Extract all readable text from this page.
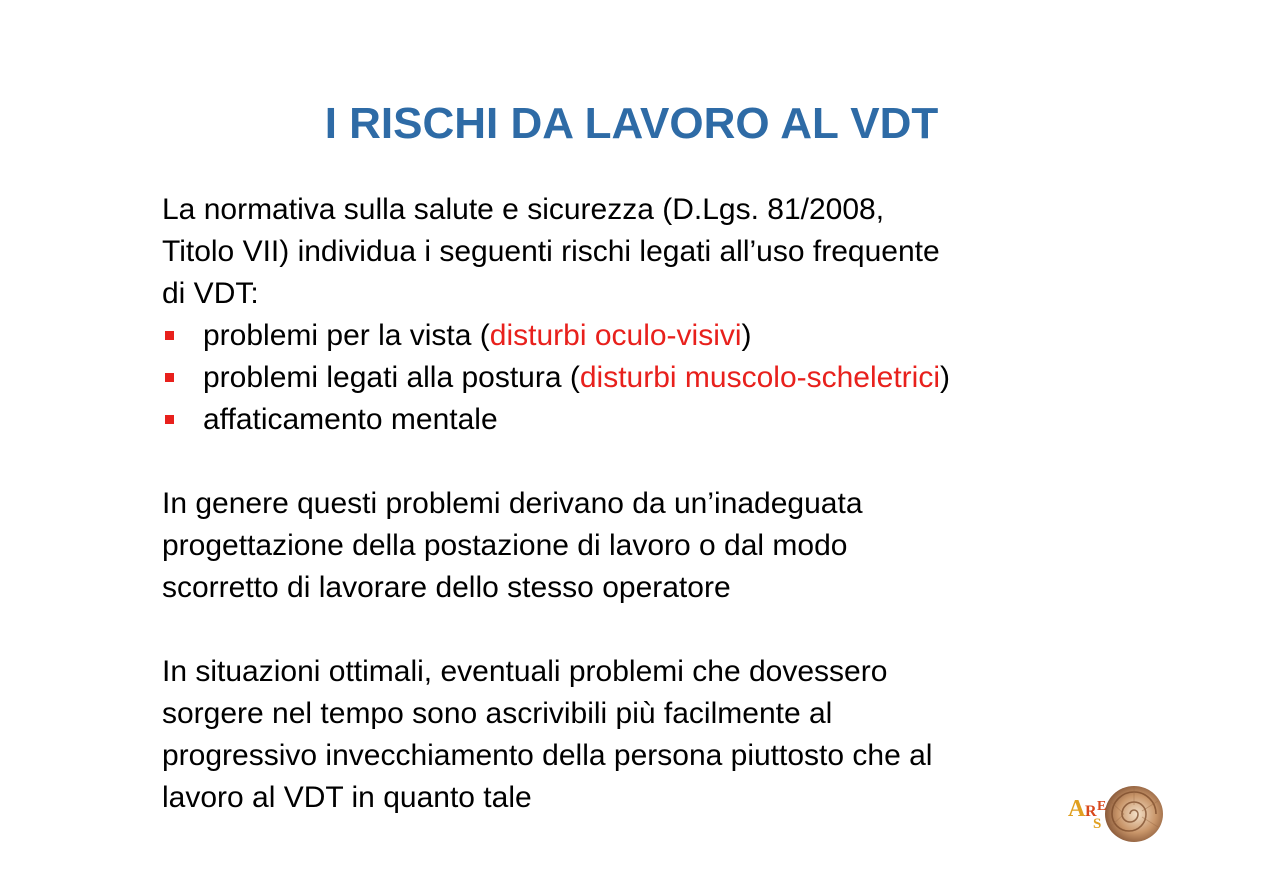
I RISCHI DA LAVORO AL VDT

La normativa sulla salute e sicurezza (D.Lgs. 81/2008,
Titolo VII) individua i seguenti rischi legati all’uso frequente
di VDT:

problemi per la vista (disturbi oculo-visivi)
problemi legati alla postura (disturbi muscolo-scheletrici)
affaticamento mentale

In genere questi problemi derivano da un’inadeguata
progettazione della postazione di lavoro o dal modo
scorretto di lavorare dello stesso operatore

In situazioni ottimali, eventuali problemi che dovessero
sorgere nel tempo sono ascrivibili più facilmente al
progressivo invecchiamento della persona piuttosto che al
lavoro al VDT in quanto tale	A R E
S
